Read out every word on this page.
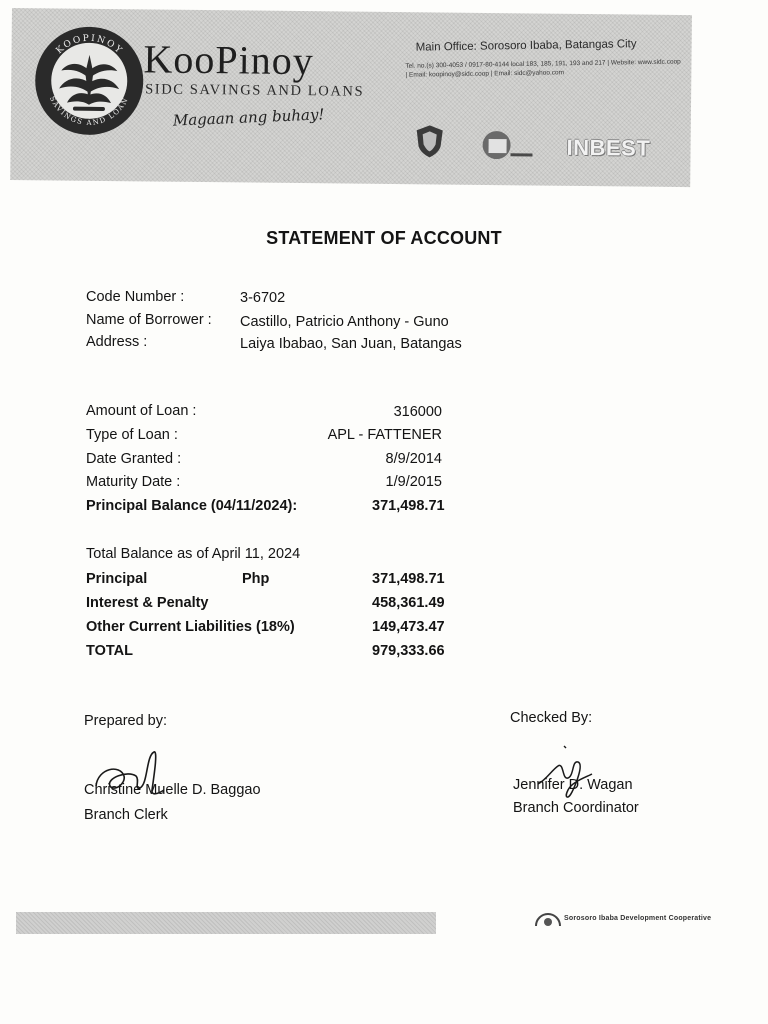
KOOPINOY
SAVINGS AND LOAN
KooPinoy
SIDC SAVINGS AND LOANS
Magaan ang buhay!
Main Office: Sorosoro Ibaba, Batangas City
Tel. no.(s) 300-4053 / 0917-80-4144 local 183, 185, 191, 193 and 217 | Website: www.sidc.coop | Email: koopinoy@sidc.coop | Email: sidc@yahoo.com
INBEST
STATEMENT OF ACCOUNT
Code Number :	3-6702
Name of Borrower : Castillo, Patricio Anthony - Guno
Address :	Laiya Ibabao, San Juan, Batangas
Amount of Loan :	316000
Type of Loan :	APL - FATTENER
Date Granted :	8/9/2014
Maturity Date :	1/9/2015
Principal Balance (04/11/2024):	371,498.71
Total Balance as of April 11, 2024
Principal	Php	371,498.71
Interest & Penalty	458,361.49
Other Current Liabilities (18%)	149,473.47
TOTAL	979,333.66
Prepared by:	Checked By:
Christine Muelle D. Baggao
Branch Clerk
Jennifer D. Wagan
Branch Coordinator
Sorosoro Ibaba Development Cooperative
